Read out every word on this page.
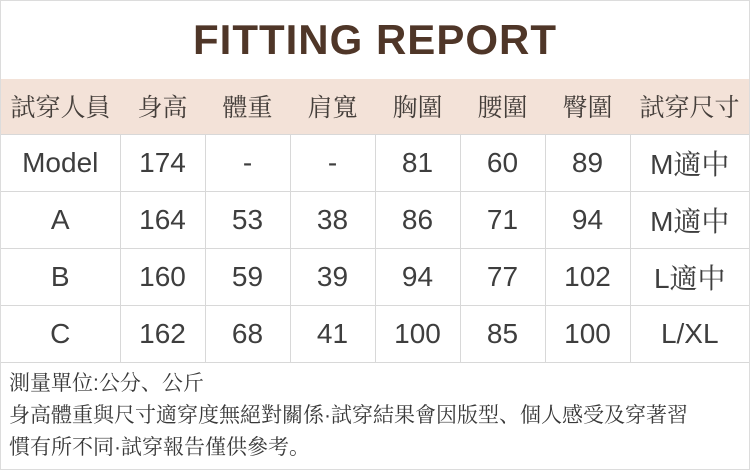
FITTING REPORT
試穿人員	身高	體重	肩寬	胸圍	腰圍	臀圍	試穿尺寸
Model	174	-	-	81	60	89	M適中
A	164	53	38	86	71	94	M適中
B	160	59	39	94	77	102	L適中
C	162	68	41	100	85	100	L/XL
測量單位:公分、公斤
身高體重與尺寸適穿度無絕對關係·試穿結果會因版型、個人感受及穿著習
慣有所不同·試穿報告僅供參考。
